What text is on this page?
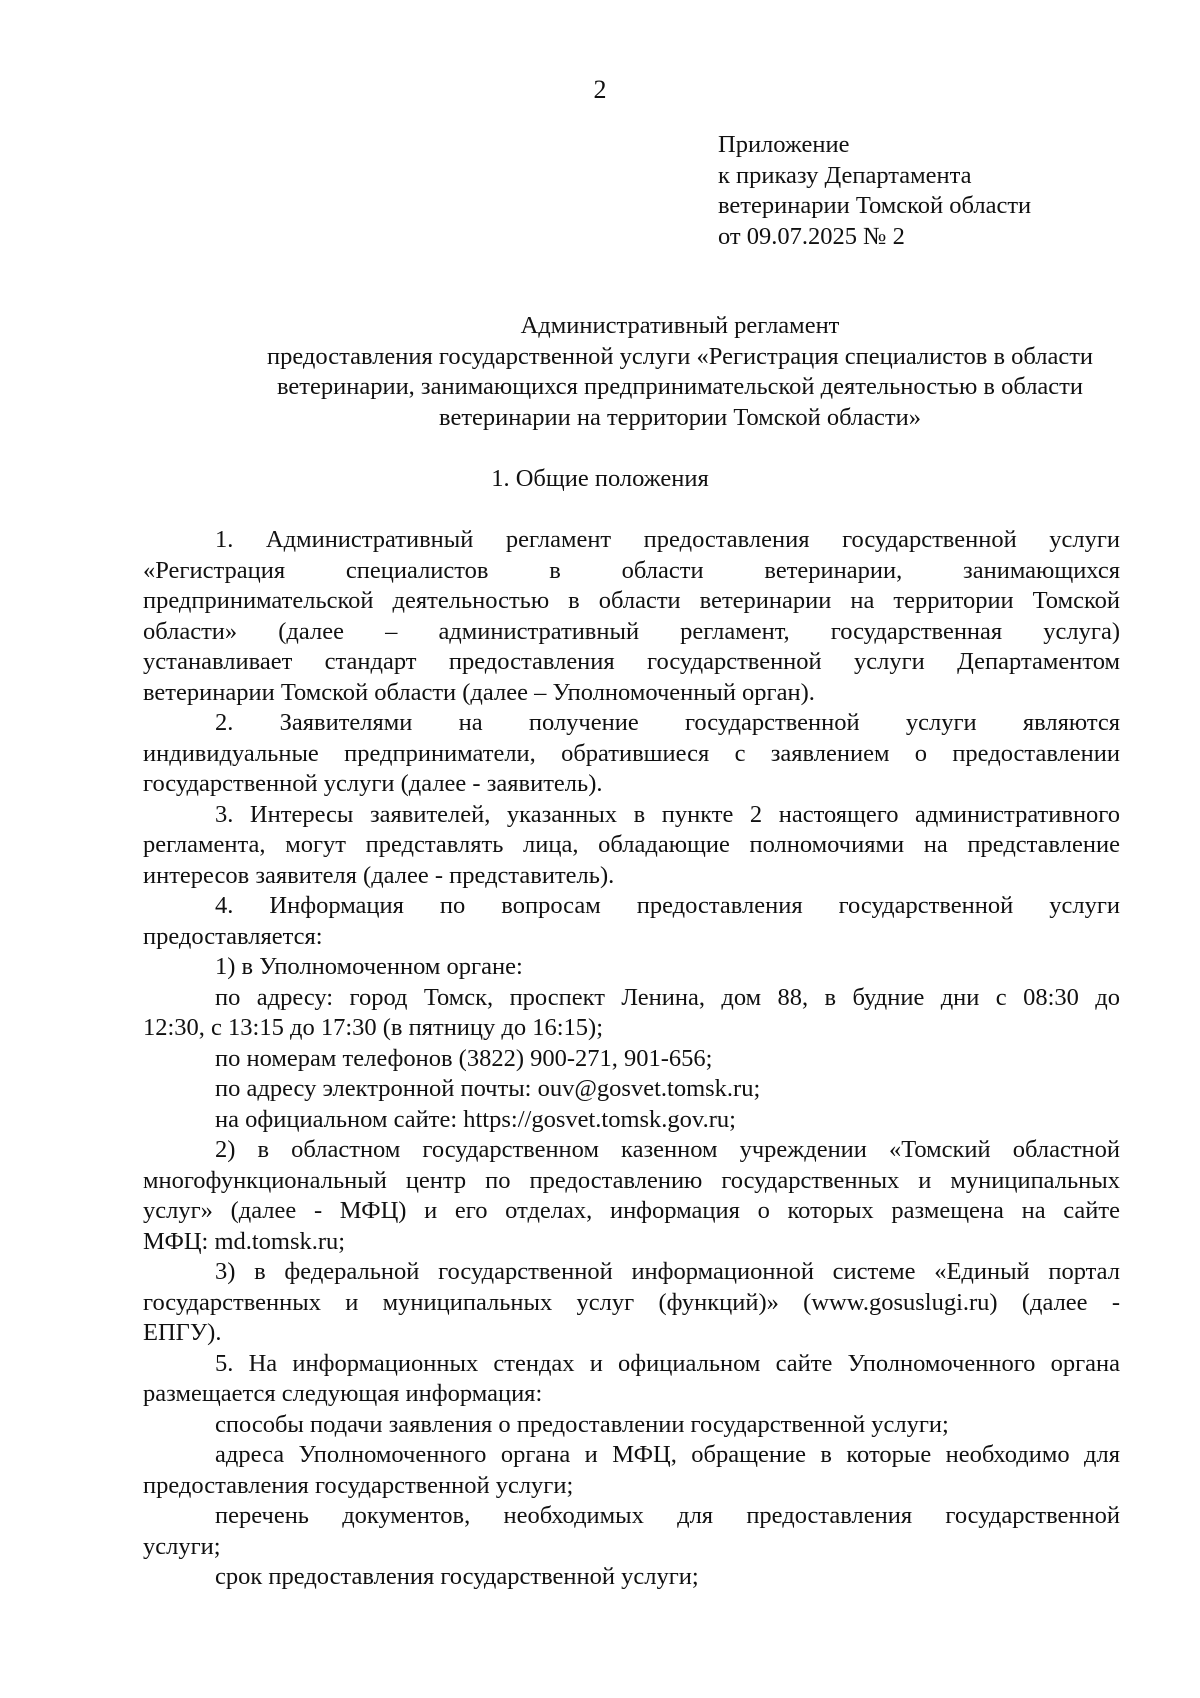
2
Приложение
к приказу Департамента
ветеринарии Томской области
от 09.07.2025 № 2
Административный регламент
предоставления государственной услуги «Регистрация специалистов в области
ветеринарии, занимающихся предпринимательской деятельностью в области
ветеринарии на территории Томской области»
1. Общие положения

1. Административный регламент предоставления государственной услуги

«Регистрация специалистов в области ветеринарии, занимающихся

предпринимательской деятельностью в области ветеринарии на территории Томской

области» (далее – административный регламент, государственная услуга)

устанавливает стандарт предоставления государственной услуги Департаментом

ветеринарии Томской области (далее – Уполномоченный орган).

2. Заявителями на получение государственной услуги являются

индивидуальные предприниматели, обратившиеся с заявлением о предоставлении

государственной услуги (далее - заявитель).

3. Интересы заявителей, указанных в пункте 2 настоящего административного

регламента, могут представлять лица, обладающие полномочиями на представление

интересов заявителя (далее - представитель).

4. Информация по вопросам предоставления государственной услуги

предоставляется:

1) в Уполномоченном органе:

по адресу: город Томск, проспект Ленина, дом 88, в будние дни с 08:30 до

12:30, с 13:15 до 17:30 (в пятницу до 16:15);

по номерам телефонов (3822) 900-271, 901-656;

по адресу электронной почты: ouv@gosvet.tomsk.ru;

на официальном сайте: https://gosvet.tomsk.gov.ru;

2) в областном государственном казенном учреждении «Томский областной

многофункциональный центр по предоставлению государственных и муниципальных

услуг» (далее - МФЦ) и его отделах, информация о которых размещена на сайте

МФЦ: md.tomsk.ru;

3) в федеральной государственной информационной системе «Единый портал

государственных и муниципальных услуг (функций)» (www.gosuslugi.ru) (далее -

ЕПГУ).

5. На информационных стендах и официальном сайте Уполномоченного органа

размещается следующая информация:

способы подачи заявления о предоставлении государственной услуги;

адреса Уполномоченного органа и МФЦ, обращение в которые необходимо для

предоставления государственной услуги;

перечень документов, необходимых для предоставления государственной

услуги;

срок предоставления государственной услуги;
